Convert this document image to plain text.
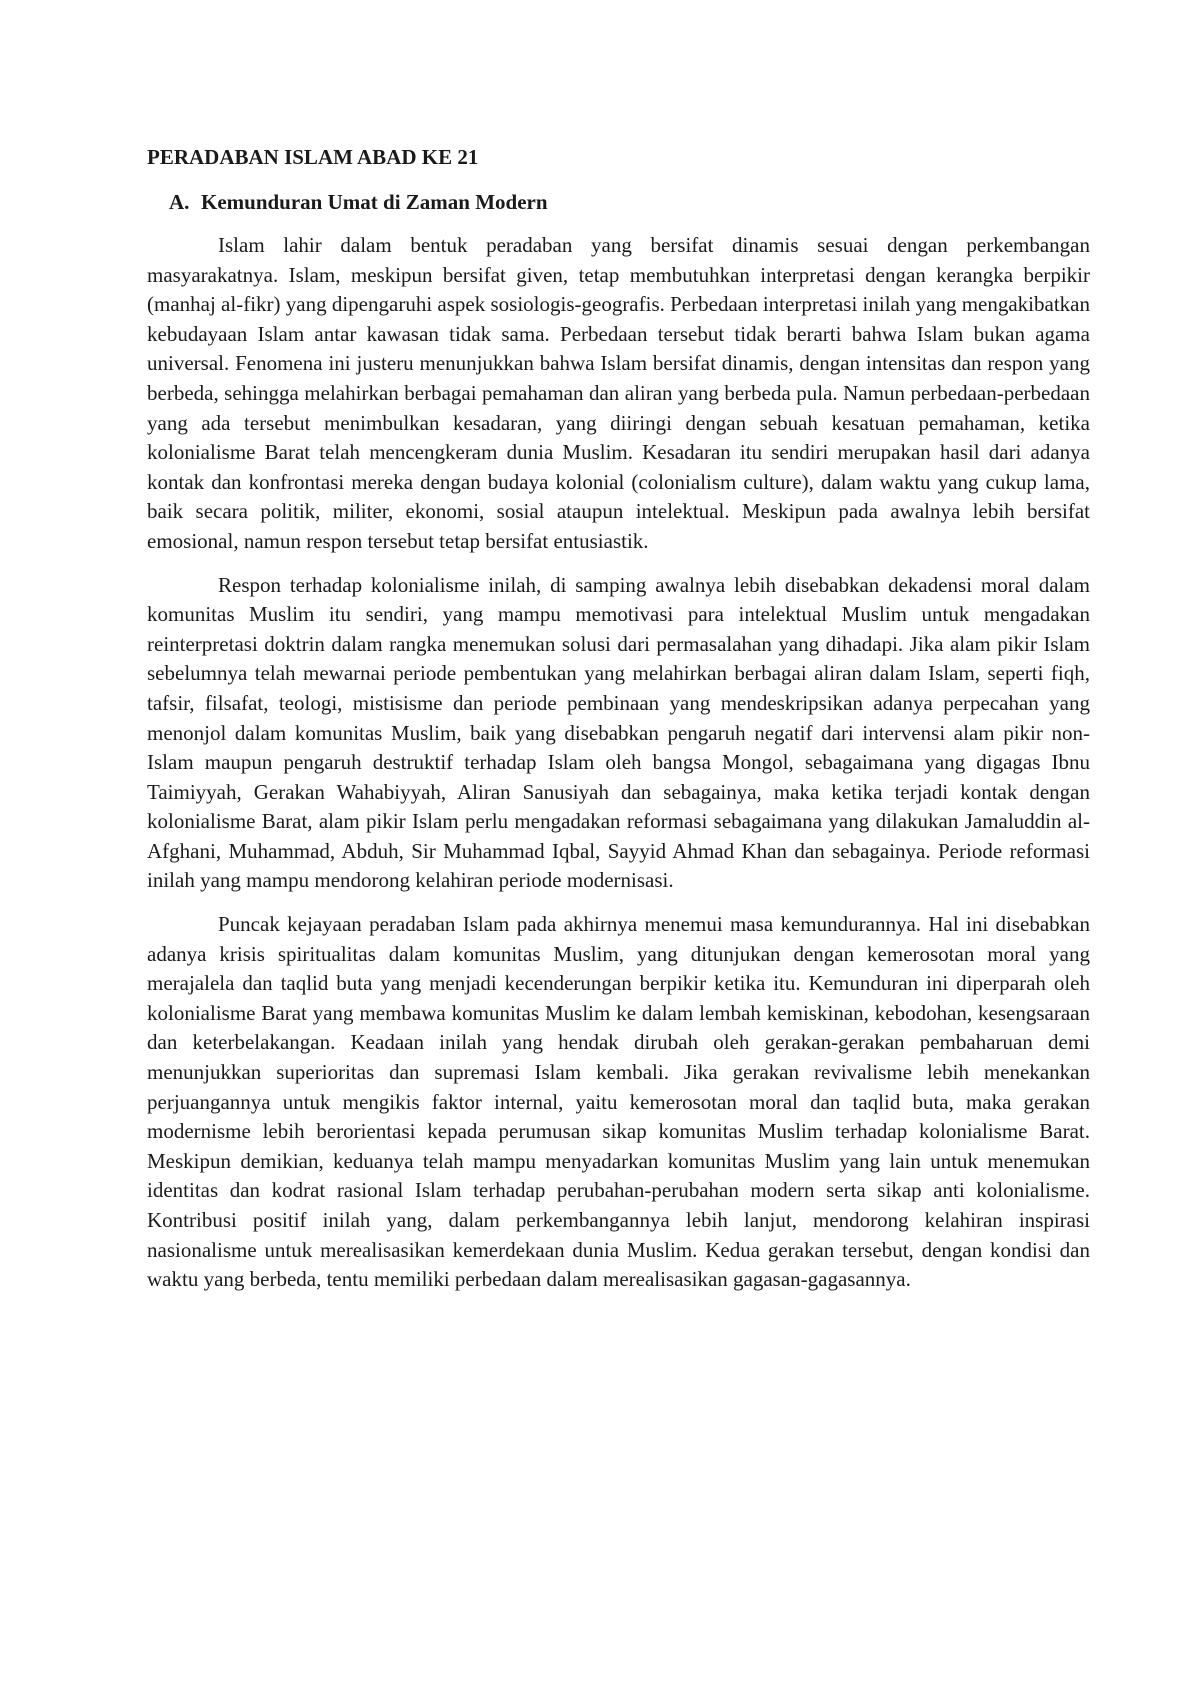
PERADABAN ISLAM ABAD KE 21
A. Kemunduran Umat di Zaman Modern

Islam lahir dalam bentuk peradaban yang bersifat dinamis sesuai dengan perkembangan masyarakatnya. Islam, meskipun bersifat given, tetap membutuhkan interpretasi dengan kerangka berpikir (manhaj al-fikr) yang dipengaruhi aspek sosiologis-geografis. Perbedaan interpretasi inilah yang mengakibatkan kebudayaan Islam antar kawasan tidak sama. Perbedaan tersebut tidak berarti bahwa Islam bukan agama universal. Fenomena ini justeru menunjukkan bahwa Islam bersifat dinamis, dengan intensitas dan respon yang berbeda, sehingga melahirkan berbagai pemahaman dan aliran yang berbeda pula. Namun perbedaan-perbedaan yang ada tersebut menimbulkan kesadaran, yang diiringi dengan sebuah kesatuan pemahaman, ketika kolonialisme Barat telah mencengkeram dunia Muslim. Kesadaran itu sendiri merupakan hasil dari adanya kontak dan konfrontasi mereka dengan budaya kolonial (colonialism culture), dalam waktu yang cukup lama, baik secara politik, militer, ekonomi, sosial ataupun intelektual. Meskipun pada awalnya lebih bersifat emosional, namun respon tersebut tetap bersifat entusiastik.

Respon terhadap kolonialisme inilah, di samping awalnya lebih disebabkan dekadensi moral dalam komunitas Muslim itu sendiri, yang mampu memotivasi para intelektual Muslim untuk mengadakan reinterpretasi doktrin dalam rangka menemukan solusi dari permasalahan yang dihadapi. Jika alam pikir Islam sebelumnya telah mewarnai periode pembentukan yang melahirkan berbagai aliran dalam Islam, seperti fiqh, tafsir, filsafat, teologi, mistisisme dan periode pembinaan yang mendeskripsikan adanya perpecahan yang menonjol dalam komunitas Muslim, baik yang disebabkan pengaruh negatif dari intervensi alam pikir non-Islam maupun pengaruh destruktif terhadap Islam oleh bangsa Mongol, sebagaimana yang digagas Ibnu Taimiyyah, Gerakan Wahabiyyah, Aliran Sanusiyah dan sebagainya, maka ketika terjadi kontak dengan kolonialisme Barat, alam pikir Islam perlu mengadakan reformasi sebagaimana yang dilakukan Jamaluddin al-Afghani, Muhammad, Abduh, Sir Muhammad Iqbal, Sayyid Ahmad Khan dan sebagainya. Periode reformasi inilah yang mampu mendorong kelahiran periode modernisasi.

Puncak kejayaan peradaban Islam pada akhirnya menemui masa kemundurannya. Hal ini disebabkan adanya krisis spiritualitas dalam komunitas Muslim, yang ditunjukan dengan kemerosotan moral yang merajalela dan taqlid buta yang menjadi kecenderungan berpikir ketika itu. Kemunduran ini diperparah oleh kolonialisme Barat yang membawa komunitas Muslim ke dalam lembah kemiskinan, kebodohan, kesengsaraan dan keterbelakangan. Keadaan inilah yang hendak dirubah oleh gerakan-gerakan pembaharuan demi menunjukkan superioritas dan supremasi Islam kembali. Jika gerakan revivalisme lebih menekankan perjuangannya untuk mengikis faktor internal, yaitu kemerosotan moral dan taqlid buta, maka gerakan modernisme lebih berorientasi kepada perumusan sikap komunitas Muslim terhadap kolonialisme Barat. Meskipun demikian, keduanya telah mampu menyadarkan komunitas Muslim yang lain untuk menemukan identitas dan kodrat rasional Islam terhadap perubahan-perubahan modern serta sikap anti kolonialisme. Kontribusi positif inilah yang, dalam perkembangannya lebih lanjut, mendorong kelahiran inspirasi nasionalisme untuk merealisasikan kemerdekaan dunia Muslim. Kedua gerakan tersebut, dengan kondisi dan waktu yang berbeda, tentu memiliki perbedaan dalam merealisasikan gagasan-gagasannya.
